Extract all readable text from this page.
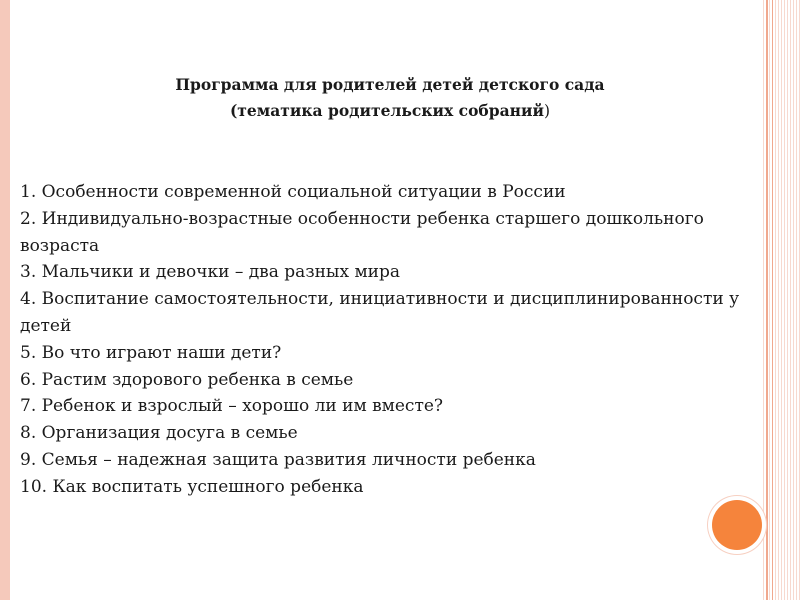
Программа для родителей детей детского сада
(тематика родительских собраний)
1. Особенности современной социальной ситуации в России
2. Индивидуально-возрастные особенности ребенка старшего дошкольного возраста
3. Мальчики и девочки – два разных мира
4. Воспитание самостоятельности, инициативности и дисциплинированности у детей
5. Во что играют наши дети?
6. Растим здорового ребенка в семье
7. Ребенок и взрослый – хорошо ли им вместе?
8. Организация досуга в семье
9. Семья – надежная защита развития личности ребенка
10. Как воспитать успешного ребенка
